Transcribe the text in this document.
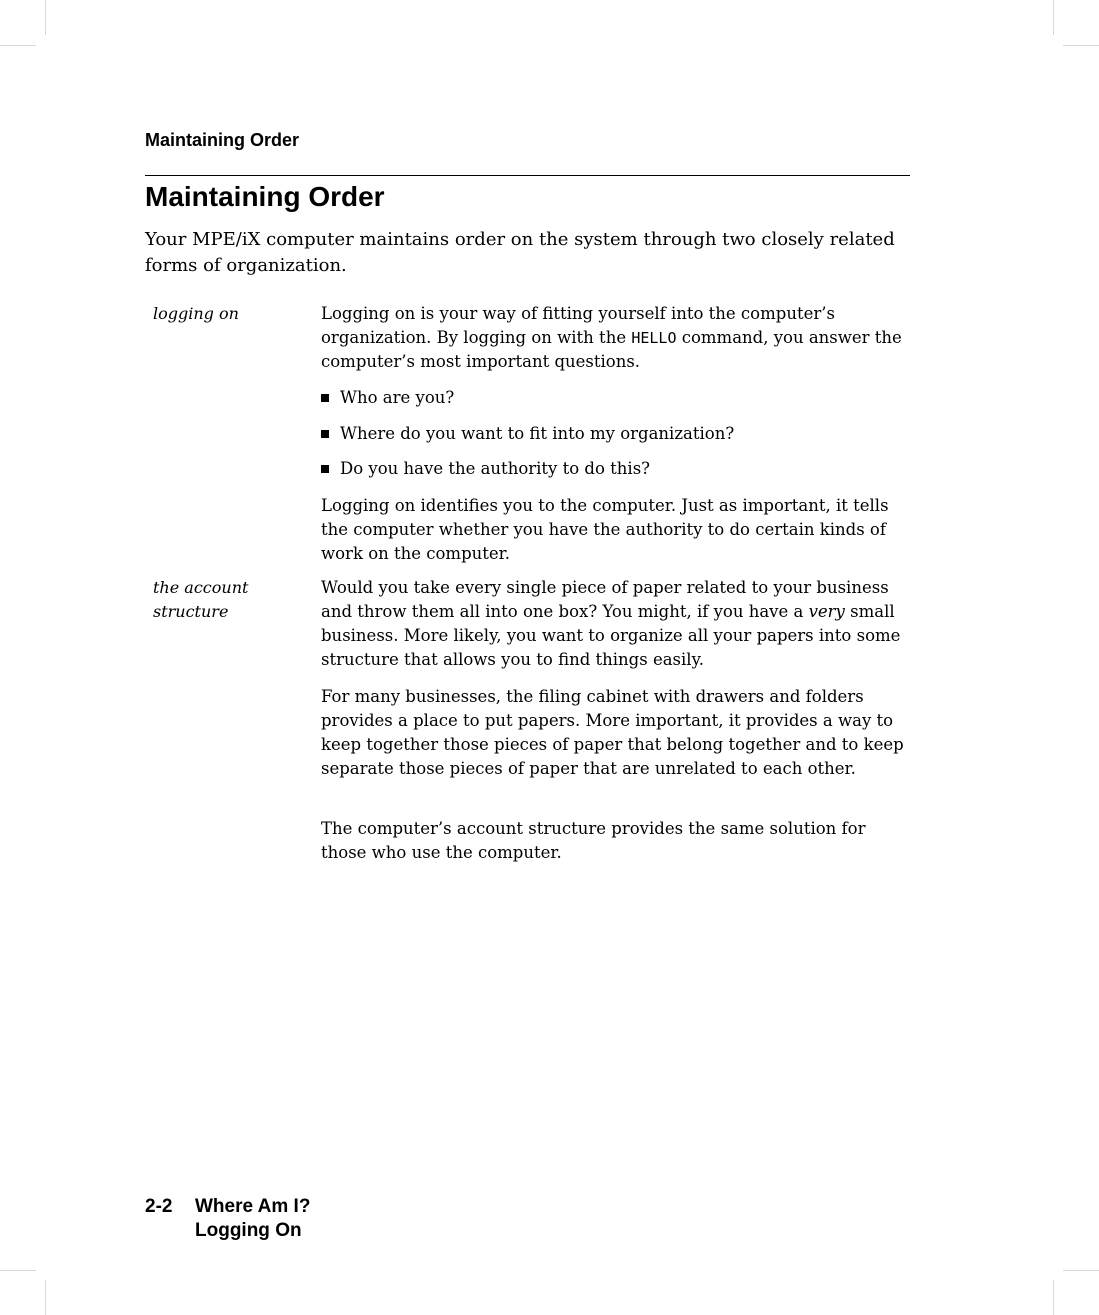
Maintaining Order
Maintaining Order

Your MPE/iX computer maintains order on the system through two closely related forms of organization.

logging on	Logging on is your way of fitting yourself into the computer’s organization. By logging on with the HELLO command, you answer the computer’s most important questions.

Who are you?
Where do you want to fit into my organization?
Do you have the authority to do this?

Logging on identifies you to the computer. Just as important, it tells the computer whether you have the authority to do certain kinds of work on the computer.

the account
structure

Would you take every single piece of paper related to your business and throw them all into one box? You might, if you have a very small business. More likely, you want to organize all your papers into some structure that allows you to find things easily.

For many businesses, the filing cabinet with drawers and folders provides a place to put papers. More important, it provides a way to keep together those pieces of paper that belong together and to keep separate those pieces of paper that are unrelated to each other.

The computer’s account structure provides the same solution for those who use the computer.

2-2 Where Am I?
Logging On
